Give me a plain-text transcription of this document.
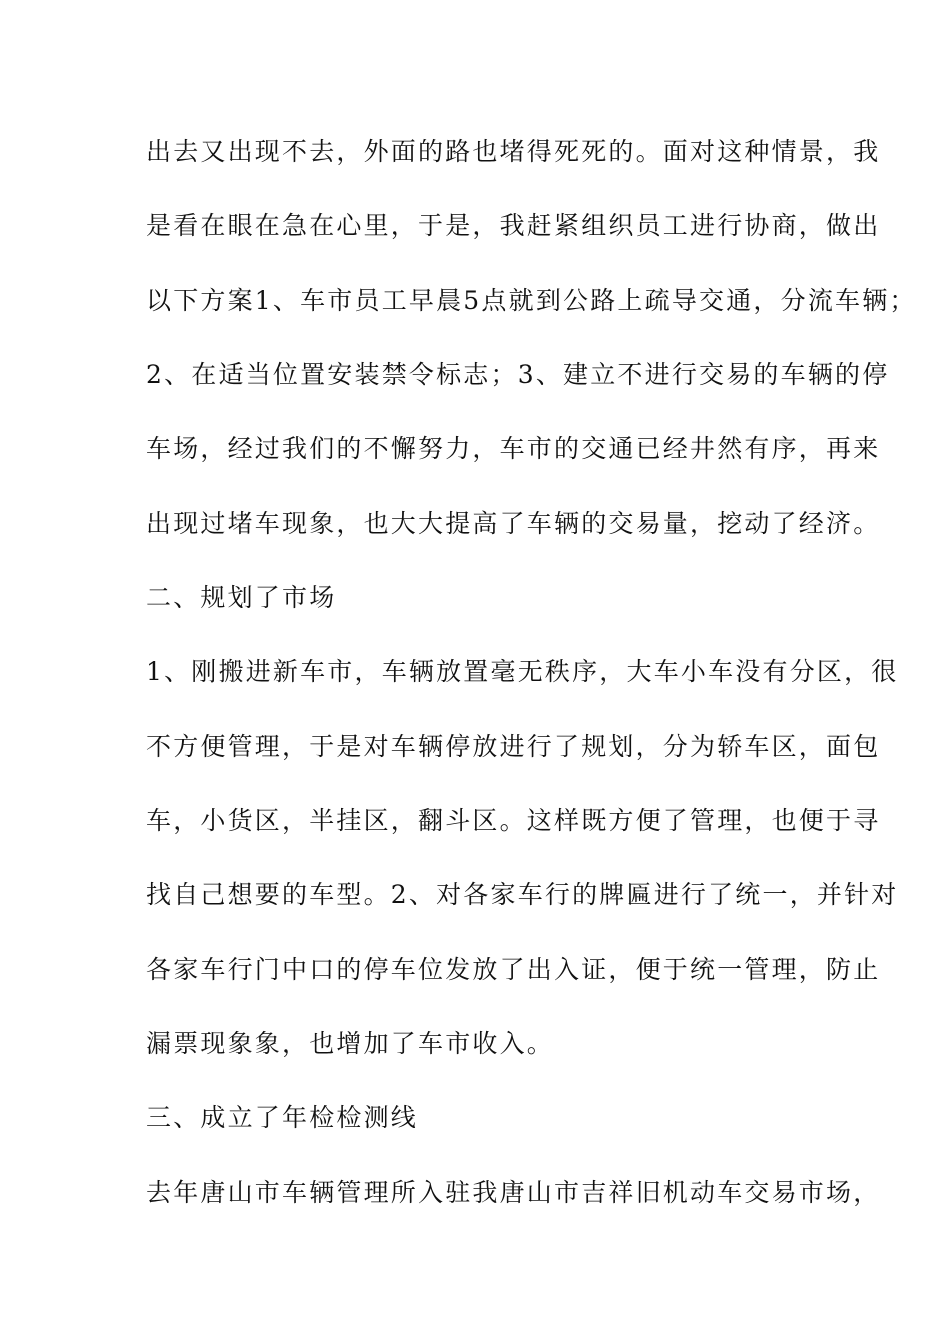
出去又出现不去，外面的路也堵得死死的。面对这种情景，我
是看在眼在急在心里，于是，我赶紧组织员工进行协商，做出
以下方案1、车市员工早晨5点就到公路上疏导交通，分流车辆；
2、在适当位置安装禁令标志；3、建立不进行交易的车辆的停
车场，经过我们的不懈努力，车市的交通已经井然有序，再来
出现过堵车现象，也大大提高了车辆的交易量，挖动了经济。
二、规划了市场
1、刚搬进新车市，车辆放置毫无秩序，大车小车没有分区，很
不方便管理，于是对车辆停放进行了规划，分为轿车区，面包
车，小货区，半挂区，翻斗区。这样既方便了管理，也便于寻
找自己想要的车型。2、对各家车行的牌匾进行了统一，并针对
各家车行门中口的停车位发放了出入证，便于统一管理，防止
漏票现象象，也增加了车市收入。
三、成立了年检检测线
去年唐山市车辆管理所入驻我唐山市吉祥旧机动车交易市场，
